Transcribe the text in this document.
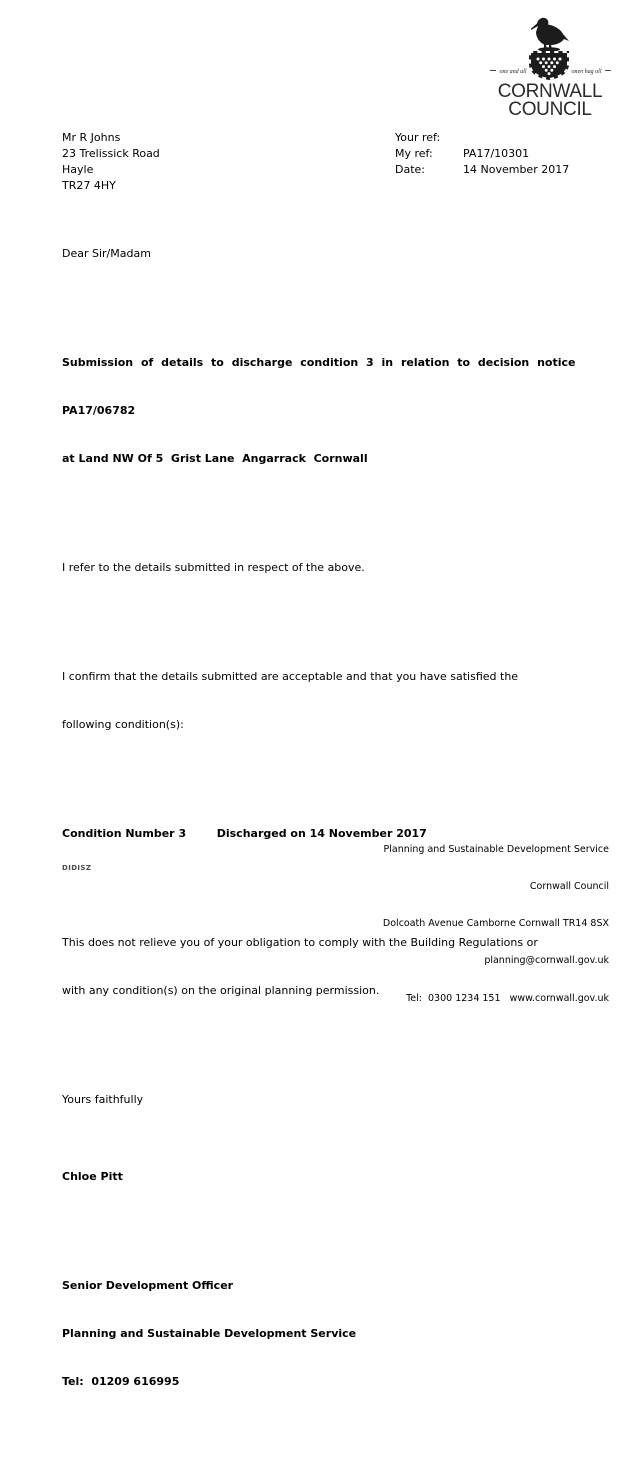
one and all	onen hag oll
CORNWALL
COUNCIL
Mr R Johns
23 Trelissick Road
Hayle
TR27 4HY
Your ref:
My ref:	PA17/10301
Date:	14 November 2017

Dear Sir/Madam

Submission of details to discharge condition 3 in relation to decision notice

PA17/06782

at Land NW Of 5  Grist Lane  Angarrack  Cornwall

I refer to the details submitted in respect of the above.

I confirm that the details submitted are acceptable and that you have satisfied the

following condition(s):

Condition Number 3        Discharged on 14 November 2017

This does not relieve you of your obligation to comply with the Building Regulations or

with any condition(s) on the original planning permission.

Yours faithfully

Chloe Pitt

Senior Development Officer

Planning and Sustainable Development Service

Tel:  01209 616995

DIDISZ

Planning and Sustainable Development Service

Cornwall Council

Dolcoath Avenue Camborne Cornwall TR14 8SX

planning@cornwall.gov.uk

Tel:  0300 1234 151   www.cornwall.gov.uk
